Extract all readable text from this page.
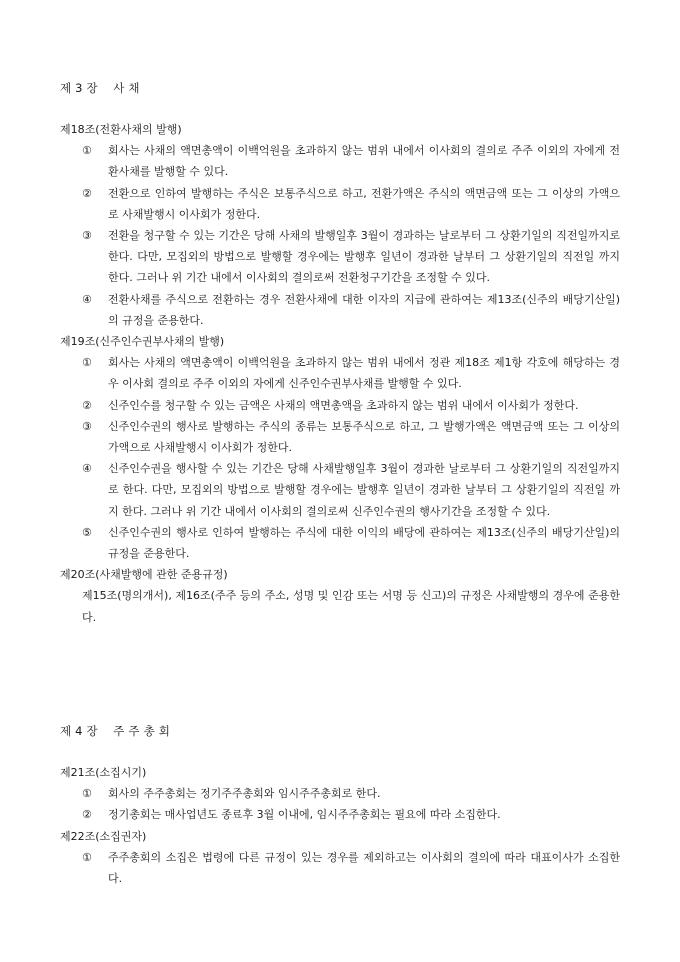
제 3 장    사 채
제18조(전환사채의 발행)
①	회사는 사채의 액면총액이 이백억원을 초과하지 않는 범위 내에서 이사회의 결의로 주주 이외의 자에게 전환사채를 발행할 수 있다.
②	전환으로 인하여 발행하는 주식은 보통주식으로 하고, 전환가액은 주식의 액면금액 또는 그 이상의 가액으로 사채발행시 이사회가 정한다.
③	전환을 청구할 수 있는 기간은 당해 사채의 발행일후 3월이 경과하는 날로부터 그 상환기일의 직전일까지로 한다. 다만, 모집외의 방법으로 발행할 경우에는 발행후 일년이 경과한 날부터 그 상환기일의 직전일 까지 한다. 그러나 위 기간 내에서 이사회의 결의로써 전환청구기간을 조정할 수 있다.
④	전환사채를 주식으로 전환하는 경우 전환사채에 대한 이자의 지급에 관하여는 제13조(신주의 배당기산일)의 규정을 준용한다.
제19조(신주인수권부사채의 발행)
①	회사는 사채의 액면총액이 이백억원을 초과하지 않는 범위 내에서 정관 제18조 제1항 각호에 해당하는 경우 이사회 결의로 주주 이외의 자에게 신주인수권부사채를 발행할 수 있다.
②	신주인수를 청구할 수 있는 금액은 사채의 액면총액을 초과하지 않는 범위 내에서 이사회가 정한다.
③	신주인수권의 행사로 발행하는 주식의 종류는 보통주식으로 하고, 그 발행가액은 액면금액 또는 그 이상의 가액으로 사채발행시 이사회가 정한다.
④	신주인수권을 행사할 수 있는 기간은 당해 사채발행일후 3월이 경과한 날로부터 그 상환기일의 직전일까지로 한다. 다만, 모집외의 방법으로 발행할 경우에는 발행후 일년이 경과한 날부터 그 상환기일의 직전일 까지 한다. 그러나 위 기간 내에서 이사회의 결의로써 신주인수권의 행사기간을 조정할 수 있다.
⑤	신주인수권의 행사로 인하여 발행하는 주식에 대한 이익의 배당에 관하여는 제13조(신주의 배당기산일)의 규정을 준용한다.
제20조(사채발행에 관한 준용규정)
제15조(명의개서), 제16조(주주 등의 주소, 성명 및 인감 또는 서명 등 신고)의 규정은 사채발행의 경우에 준용한다.
제 4 장    주 주 총 회
제21조(소집시기)
①	회사의 주주총회는 정기주주총회와 임시주주총회로 한다.
②	정기총회는 매사업년도 종료후 3월 이내에, 임시주주총회는 필요에 따라 소집한다.
제22조(소집권자)
①	주주총회의 소집은 법령에 다른 규정이 있는 경우를 제외하고는 이사회의 결의에 따라 대표이사가 소집한다.
